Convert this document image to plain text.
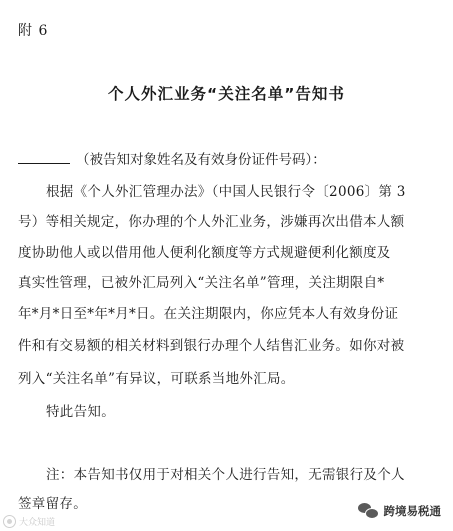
附 6
个人外汇业务“关注名单”告知书
（被告知对象姓名及有效身份证件号码）：
根据《个人外汇管理办法》（中国人民银行令〔2006〕第 3
号）等相关规定，你办理的个人外汇业务，涉嫌再次出借本人额
度协助他人或以借用他人便利化额度等方式规避便利化额度及
真实性管理，已被外汇局列入“关注名单”管理，关注期限自*
年*月*日至*年*月*日。在关注期限内，你应凭本人有效身份证
件和有交易额的相关材料到银行办理个人结售汇业务。如你对被
列入“关注名单”有异议，可联系当地外汇局。
特此告知。
注：本告知书仅用于对相关个人进行告知，无需银行及个人
签章留存。
大众知道
跨境易税通
